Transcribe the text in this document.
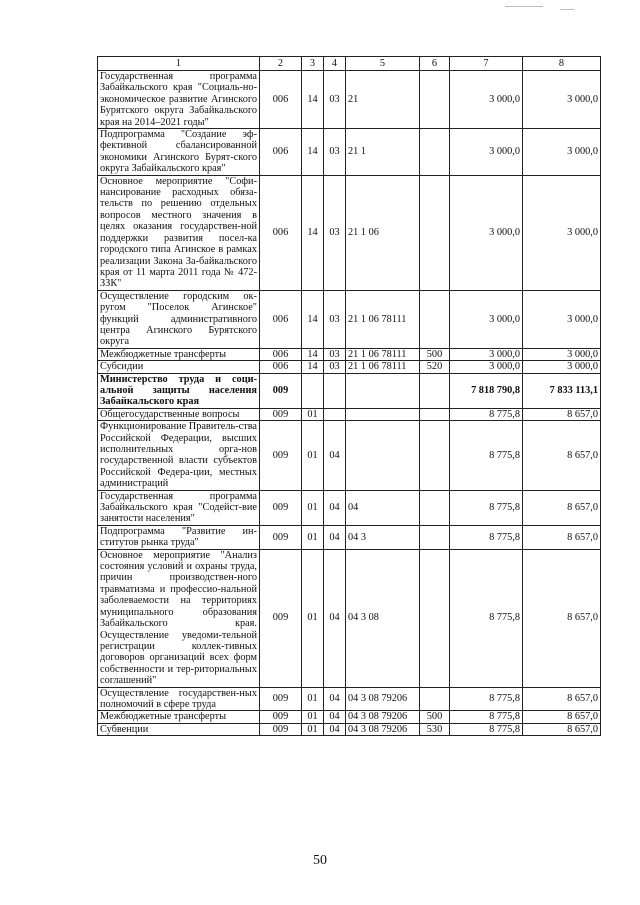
1	2	3	4	5	6	7	8
Государственная программа Забайкальского края "Социаль-но-экономическое развитие Агинского Бурятского округа Забайкальского края на 2014–2021 годы"	006	14	03	21		3 000,0	3 000,0
Подпрограмма "Создание эф-фективной сбалансированной экономики Агинского Бурят-ского округа Забайкальского края"	006	14	03	21 1		3 000,0	3 000,0
Основное мероприятие "Софи-нансирование расходных обяза-тельств по решению отдельных вопросов местного значения в целях оказания государствен-ной поддержки развития посел-ка городского типа Агинское в рамках реализации Закона За-байкальского края от 11 марта 2011 года № 472-ЗЗК"	006	14	03	21 1 06		3 000,0	3 000,0
Осуществление городским ок-ругом "Поселок Агинское" функций административного центра Агинского Бурятского округа	006	14	03	21 1 06 78111		3 000,0	3 000,0
Межбюджетные трансферты	006	14	03	21 1 06 78111	500	3 000,0	3 000,0
Субсидии	006	14	03	21 1 06 78111	520	3 000,0	3 000,0
Министерство труда и соци-альной защиты населения Забайкальского края	009					7 818 790,8	7 833 113,1
Общегосударственные вопросы	009	01				8 775,8	8 657,0
Функционирование Правитель-ства Российской Федерации, высших исполнительных орга-нов государственной власти субъектов Российской Федера-ции, местных администраций	009	01	04			8 775,8	8 657,0
Государственная программа Забайкальского края "Содейст-вие занятости населения"	009	01	04	04		8 775,8	8 657,0
Подпрограмма "Развитие ин-ститутов рынка труда"	009	01	04	04 3		8 775,8	8 657,0
Основное мероприятие "Анализ состояния условий и охраны труда, причин производствен-ного травматизма и профессио-нальной заболеваемости на территориях муниципального образования Забайкальского края. Осуществление уведоми-тельной регистрации коллек-тивных договоров организаций всех форм собственности и тер-риториальных соглашений"	009	01	04	04 3 08		8 775,8	8 657,0
Осуществление государствен-ных полномочий в сфере труда	009	01	04	04 3 08 79206		8 775,8	8 657,0
Межбюджетные трансферты	009	01	04	04 3 08 79206	500	8 775,8	8 657,0
Субвенции	009	01	04	04 3 08 79206	530	8 775,8	8 657,0
50
